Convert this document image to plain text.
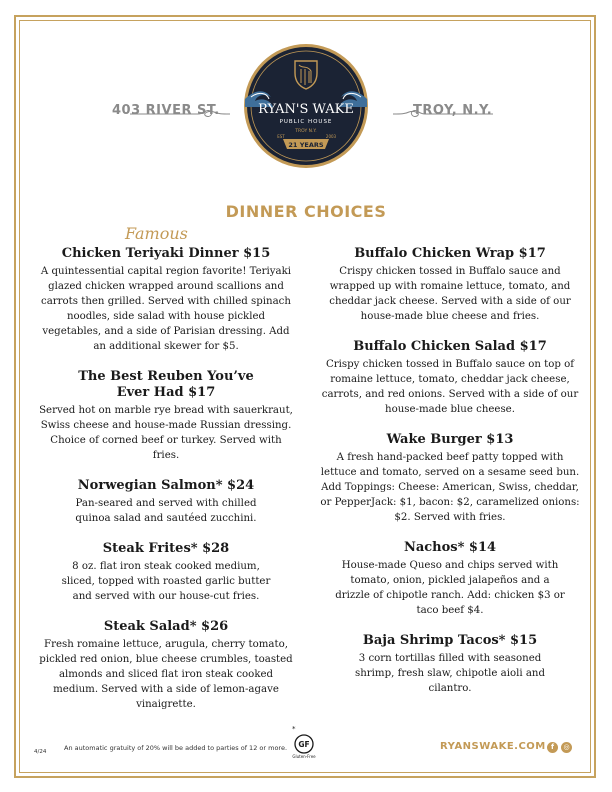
403 RIVER ST.	TROY, N.Y.
RYAN'S WAKE
PUBLIC HOUSE
TROY N.Y.
EST	2003
21 YEARS
DINNER CHOICES
Famous
Chicken Teriyaki Dinner $15
A quintessential capital region favorite! Teriyaki glazed chicken wrapped around scallions and carrots then grilled. Served with chilled spinach noodles, side salad with house pickled vegetables, and a side of Parisian dressing. Add an additional skewer for $5.
The Best Reuben You’ve Ever Had $17
Served hot on marble rye bread with sauerkraut, Swiss cheese and house-made Russian dressing. Choice of corned beef or turkey. Served with fries.
Norwegian Salmon* $24
Pan-seared and served with chilled quinoa salad and sautéed zucchini.
Steak Frites* $28
8 oz. flat iron steak cooked medium, sliced, topped with roasted garlic butter and served with our house-cut fries.
Steak Salad* $26
Fresh romaine lettuce, arugula, cherry tomato, pickled red onion, blue cheese crumbles, toasted almonds and sliced flat iron steak cooked medium. Served with a side of lemon-agave vinaigrette.
Buffalo Chicken Wrap $17
Crispy chicken tossed in Buffalo sauce and wrapped up with romaine lettuce, tomato, and cheddar jack cheese. Served with a side of our house-made blue cheese and fries.
Buffalo Chicken Salad $17
Crispy chicken tossed in Buffalo sauce on top of romaine lettuce, tomato, cheddar jack cheese, carrots, and red onions. Served with a side of our house-made blue cheese.
Wake Burger $13
A fresh hand-packed beef patty topped with lettuce and tomato, served on a sesame seed bun. Add Toppings: Cheese: American, Swiss, cheddar, or PepperJack: $1, bacon: $2, caramelized onions: $2. Served with fries.
Nachos* $14
House-made Queso and chips served with tomato, onion, pickled jalapeños and a drizzle of chipotle ranch. Add: chicken $3 or taco beef $4.
Baja Shrimp Tacos* $15
3 corn tortillas filled with seasoned shrimp, fresh slaw, chipotle aioli and cilantro.
4/24	An automatic gratuity of 20% will be added to parties of 12 or more.
*
GF
Gluten-Free
RYANSWAKE.COM f	◎
